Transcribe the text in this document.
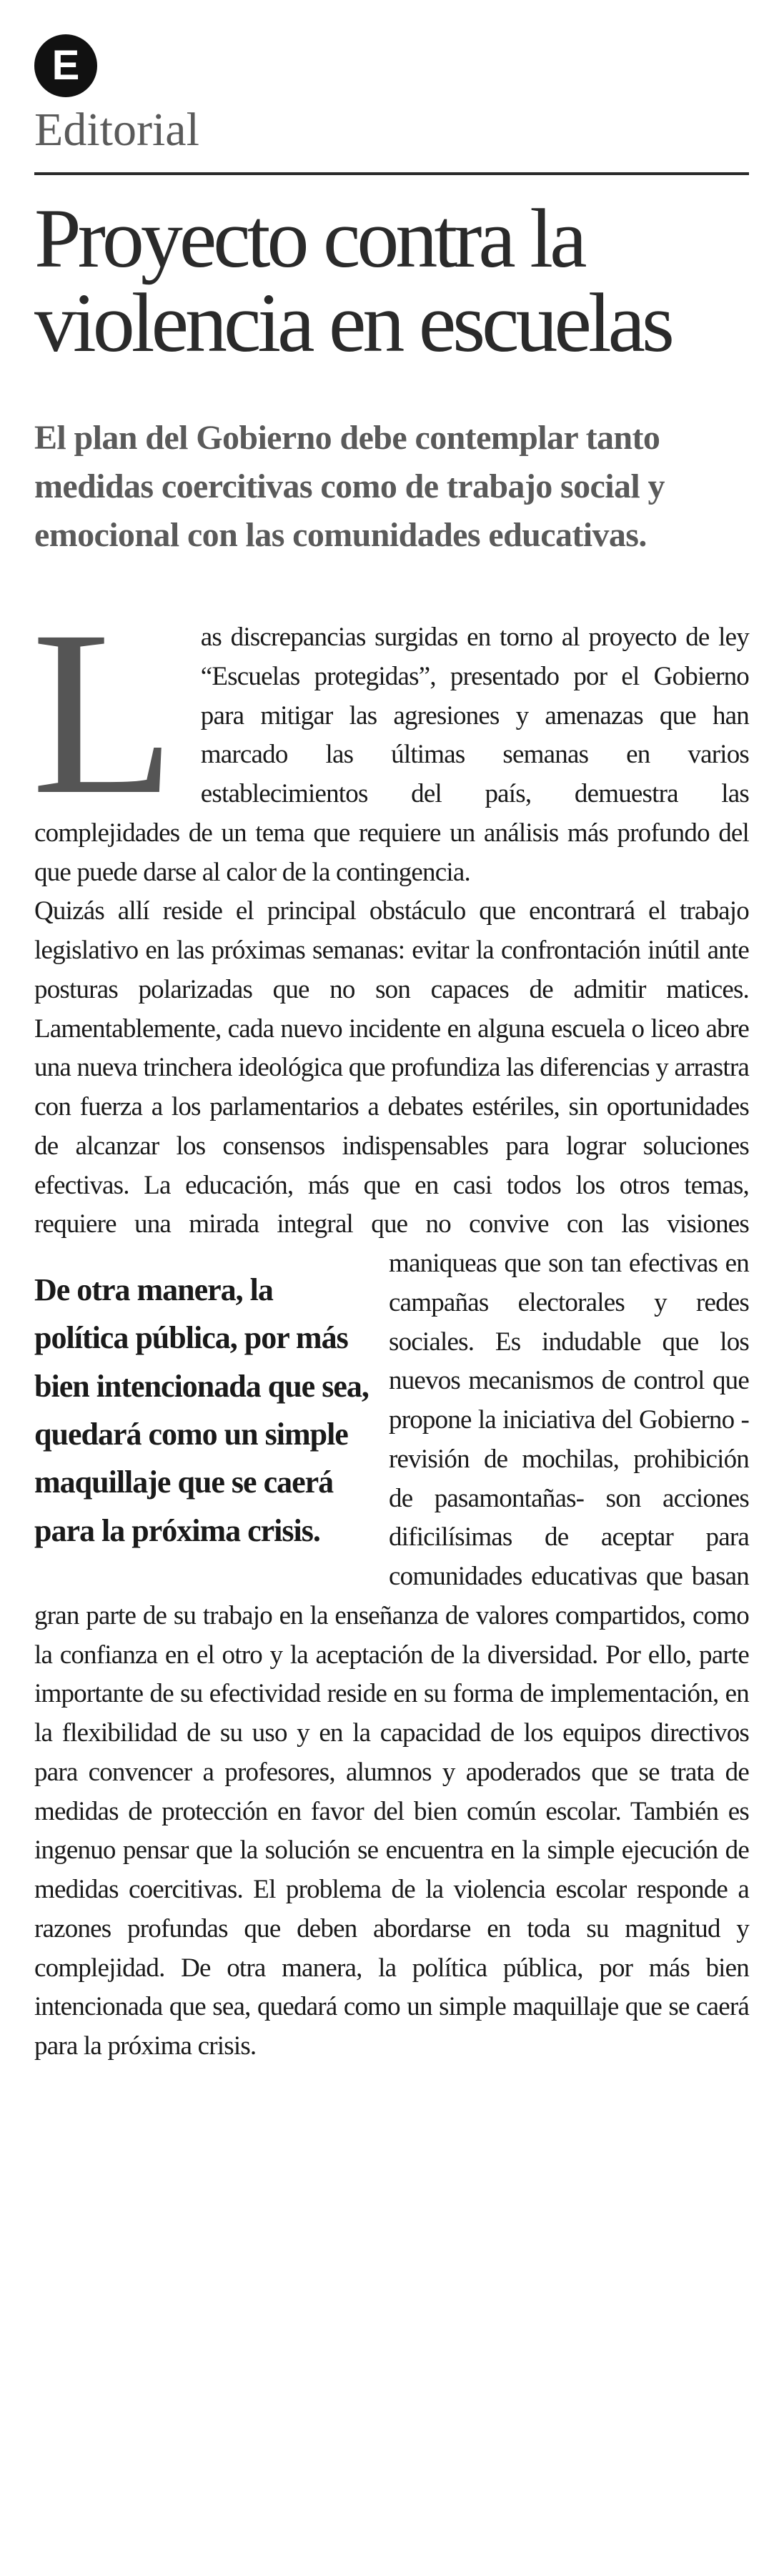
E
Editorial
Proyecto contra la violencia en escuelas
El plan del Gobierno debe contemplar tanto medidas coercitivas como de trabajo social y emocional con las comunidades educativas.

Las discrepancias surgidas en torno al proyecto de ley “Escuelas protegidas”, presentado por el Gobierno para mitigar las agresiones y amenazas que han marcado las últimas semanas en varios establecimientos del país, demuestra las complejidades de un tema que requiere un análisis más profundo del que puede darse al calor de la contingencia.

Quizás allí reside el principal obstáculo que encontrará el trabajo legislativo en las próximas semanas: evitar la confrontación inútil ante posturas polarizadas que no son capaces de admitir matices. Lamentablemente, cada nuevo incidente en alguna escuela o liceo abre una nueva trinchera ideológica que profundiza las diferencias y arrastra con fuerza a los parlamentarios a debates estériles, sin oportunidades de alcanzar los consensos indispensables para lograr soluciones efectivas. La educación, más que en casi todos los otros temas, requiere una mirada integral que no convive con
De otra manera, la política pública, por más bien intencionada que sea, quedará como un simple maquillaje que se caerá para la próxima crisis.
las visiones maniqueas que son tan efectivas en campañas electorales y redes sociales. Es indudable que los nuevos mecanismos de control que propone la iniciativa del Gobierno -revisión de mochilas, prohibición de pasamontañas- son acciones dificilísimas de aceptar para comunidades educativas que basan gran parte de su trabajo en la enseñanza de valores compartidos, como la confianza en el otro y la aceptación de la diversidad. Por ello, parte importante de su efectividad reside en su forma de implementación, en la flexibilidad de su uso y en la capacidad de los equipos directivos para convencer a profesores, alumnos y apoderados que se trata de medidas de protección en favor del bien común escolar. También es ingenuo pensar que la solución se encuentra en la simple ejecución de medidas coercitivas. El problema de la violencia escolar responde a razones profundas que deben abordarse en toda su magnitud y complejidad. De otra manera, la política pública, por más bien intencionada que sea, quedará como un simple maquillaje que se caerá para la próxima crisis.
